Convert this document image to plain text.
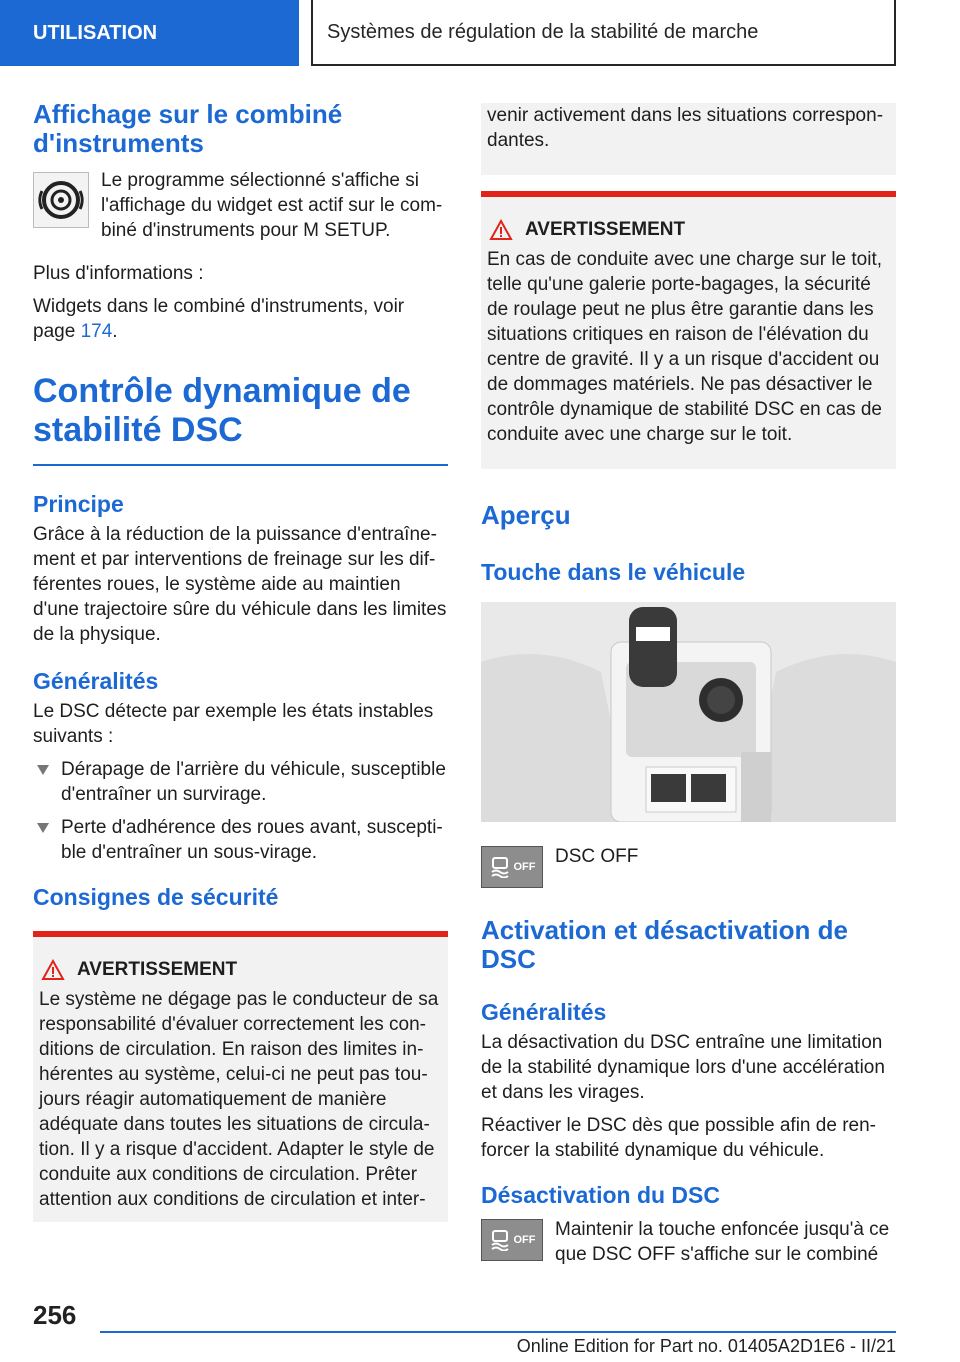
UTILISATION	Systèmes de régulation de la stabilité de marche
Affichage sur le combiné d'instruments

Le programme sélectionné s'affiche si l'affichage du widget est actif sur le com-biné d'instruments pour M SETUP.

Plus d'informations :

Widgets dans le combiné d'instruments, voir page 174.

Contrôle dynamique de stabilité DSC
Principe

Grâce à la réduction de la puissance d'entraîne-ment et par interventions de freinage sur les dif-férentes roues, le système aide au maintien d'une trajectoire sûre du véhicule dans les limites de la physique.

Généralités

Le DSC détecte par exemple les états instables suivants :

Dérapage de l'arrière du véhicule, susceptible d'entraîner un survirage.
Perte d'adhérence des roues avant, suscepti-ble d'entraîner un sous-virage.
Consignes de sécurité
AVERTISSEMENT

Le système ne dégage pas le conducteur de sa responsabilité d'évaluer correctement les con-ditions de circulation. En raison des limites in-hérentes au système, celui-ci ne peut pas tou-jours réagir automatiquement de manière adéquate dans toutes les situations de circula-tion. Il y a risque d'accident. Adapter le style de conduite aux conditions de circulation. Prêter attention aux conditions de circulation et inter-

venir activement dans les situations correspon-dantes.

AVERTISSEMENT

En cas de conduite avec une charge sur le toit, telle qu'une galerie porte-bagages, la sécurité de roulage peut ne plus être garantie dans les situations critiques en raison de l'élévation du centre de gravité. Il y a un risque d'accident ou de dommages matériels. Ne pas désactiver le contrôle dynamique de stabilité DSC en cas de conduite avec une charge sur le toit.

Aperçu
Touche dans le véhicule
OFF DSC OFF

Activation et désactivation de DSC
Généralités

La désactivation du DSC entraîne une limitation de la stabilité dynamique lors d'une accélération et dans les virages.

Réactiver le DSC dès que possible afin de ren-forcer la stabilité dynamique du véhicule.

Désactivation du DSC
OFF Maintenir la touche enfoncée jusqu'à ce que DSC OFF s'affiche sur le combiné

256
Online Edition for Part no. 01405A2D1E6 - II/21
